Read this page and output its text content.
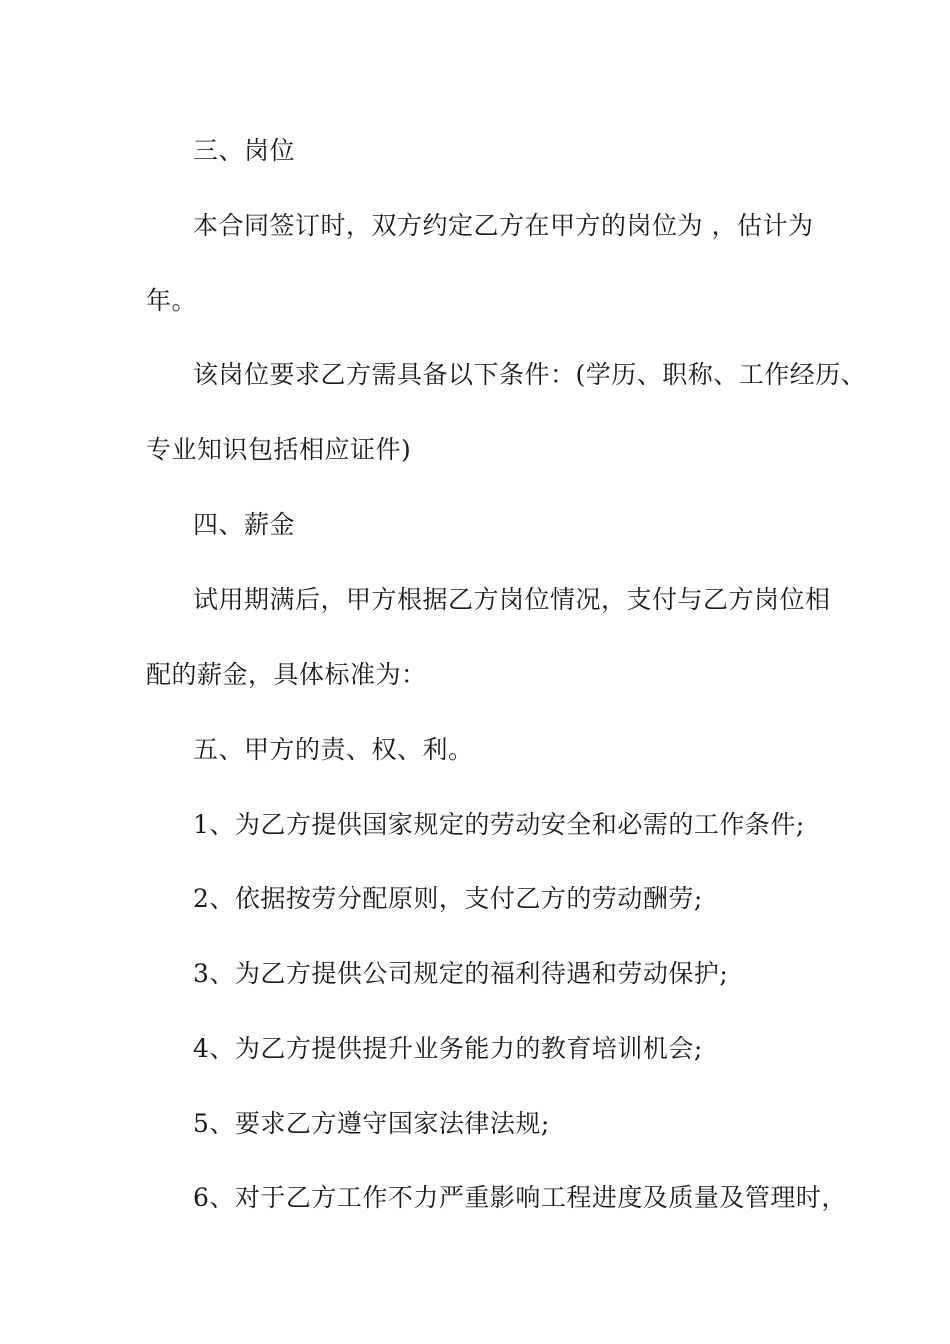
三、岗位
本合同签订时，双方约定乙方在甲方的岗位为 ，估计为
年。
该岗位要求乙方需具备以下条件：(学历、职称、工作经历、
专业知识包括相应证件)
四、薪金
试用期满后，甲方根据乙方岗位情况，支付与乙方岗位相
配的薪金，具体标准为：
五、甲方的责、权、利。
1、为乙方提供国家规定的劳动安全和必需的工作条件;
2、依据按劳分配原则，支付乙方的劳动酬劳;
3、为乙方提供公司规定的福利待遇和劳动保护;
4、为乙方提供提升业务能力的教育培训机会;
5、要求乙方遵守国家法律法规;
6、对于乙方工作不力严重影响工程进度及质量及管理时，
